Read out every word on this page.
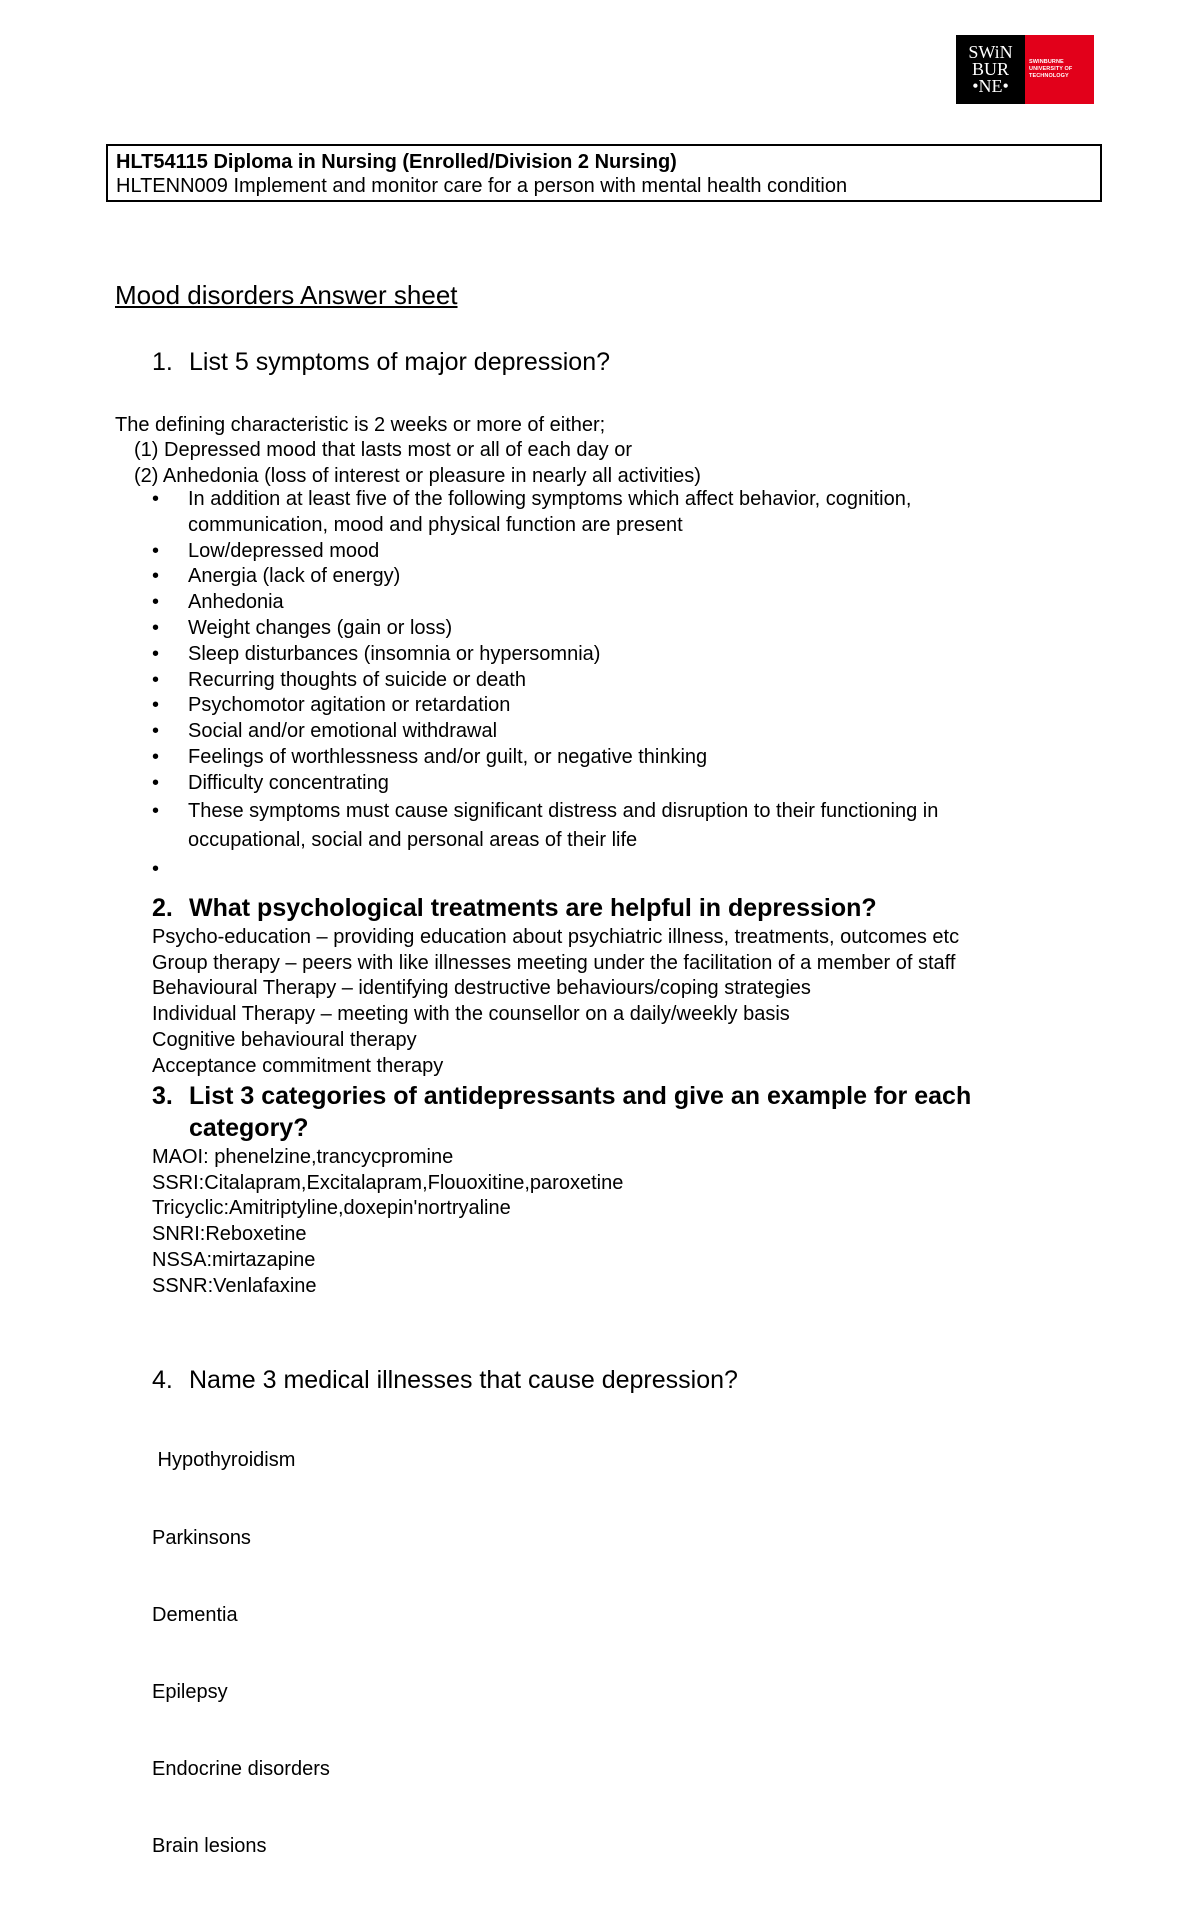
SWiN
BUR
•NE•
SWINBURNE
UNIVERSITY OF
TECHNOLOGY
HLT54115 Diploma in Nursing (Enrolled/Division 2 Nursing)
HLTENN009 Implement and monitor care for a person with mental health condition
Mood disorders Answer sheet
1. List 5 symptoms of major depression?
The defining characteristic is 2 weeks or more of either;
(1) Depressed mood that lasts most or all of each day or
(2) Anhedonia (loss of interest or pleasure in nearly all activities)
• In addition at least five of the following symptoms which affect behavior, cognition,
communication, mood and physical function are present
• Low/depressed mood
• Anergia (lack of energy)
• Anhedonia
• Weight changes (gain or loss)
• Sleep disturbances (insomnia or hypersomnia)
• Recurring thoughts of suicide or death
• Psychomotor agitation or retardation
• Social and/or emotional withdrawal
• Feelings of worthlessness and/or guilt, or negative thinking
• Difficulty concentrating
• These symptoms must cause significant distress and disruption to their functioning in
occupational, social and personal areas of their life
•
2. What psychological treatments are helpful in depression?
Psycho-education – providing education about psychiatric illness, treatments, outcomes etc
Group therapy – peers with like illnesses meeting under the facilitation of a member of staff
Behavioural Therapy – identifying destructive behaviours/coping strategies
Individual Therapy – meeting with the counsellor on a daily/weekly basis
Cognitive behavioural therapy
Acceptance commitment therapy
3. List 3 categories of antidepressants and give an example for each
category?
MAOI: phenelzine,trancycpromine
SSRI:Citalapram,Excitalapram,Flouoxitine,paroxetine
Tricyclic:Amitriptyline,doxepin'nortryaline
SNRI:Reboxetine
NSSA:mirtazapine
SSNR:Venlafaxine
4. Name 3 medical illnesses that cause depression?

Hypothyroidism

Parkinsons

Dementia

Epilepsy

Endocrine disorders

Brain lesions
